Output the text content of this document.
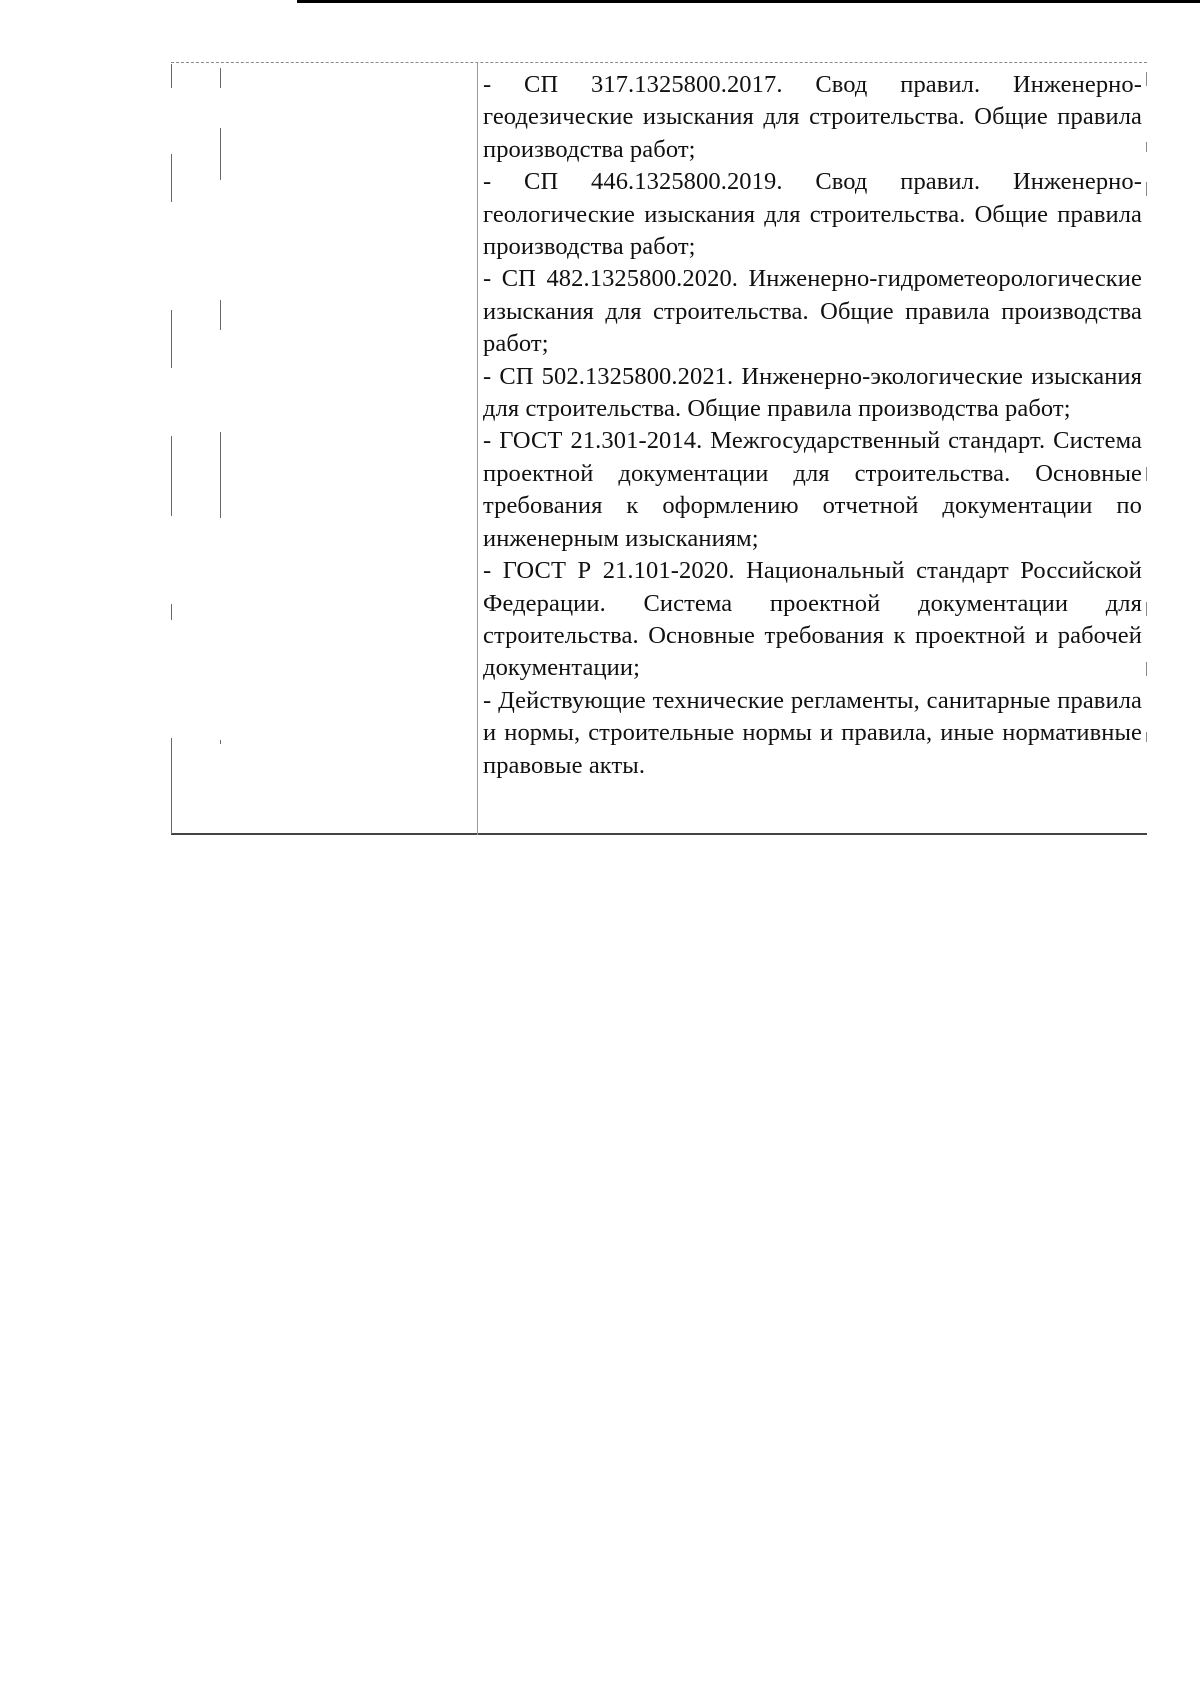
- СП 317.1325800.2017. Свод правил. Инженерно-геодезические изыскания для строительства. Общие правила производства работ;

- СП 446.1325800.2019. Свод правил. Инженерно-геологические изыскания для строительства. Общие правила производства работ;

- СП 482.1325800.2020. Инженерно-гидрометеорологические изыскания для строительства. Общие правила производства работ;

- СП 502.1325800.2021. Инженерно-экологические изыскания для строительства. Общие правила производства работ;

- ГОСТ 21.301-2014. Межгосударственный стандарт. Система проектной документации для строительства. Основные требования к оформлению отчетной документации по инженерным изысканиям;

- ГОСТ Р 21.101-2020. Национальный стандарт Российской Федерации. Система проектной документации для строительства. Основные требования к проектной и рабочей документации;

- Действующие технические регламенты, санитарные правила и нормы, строительные нормы и правила, иные нормативные правовые акты.
